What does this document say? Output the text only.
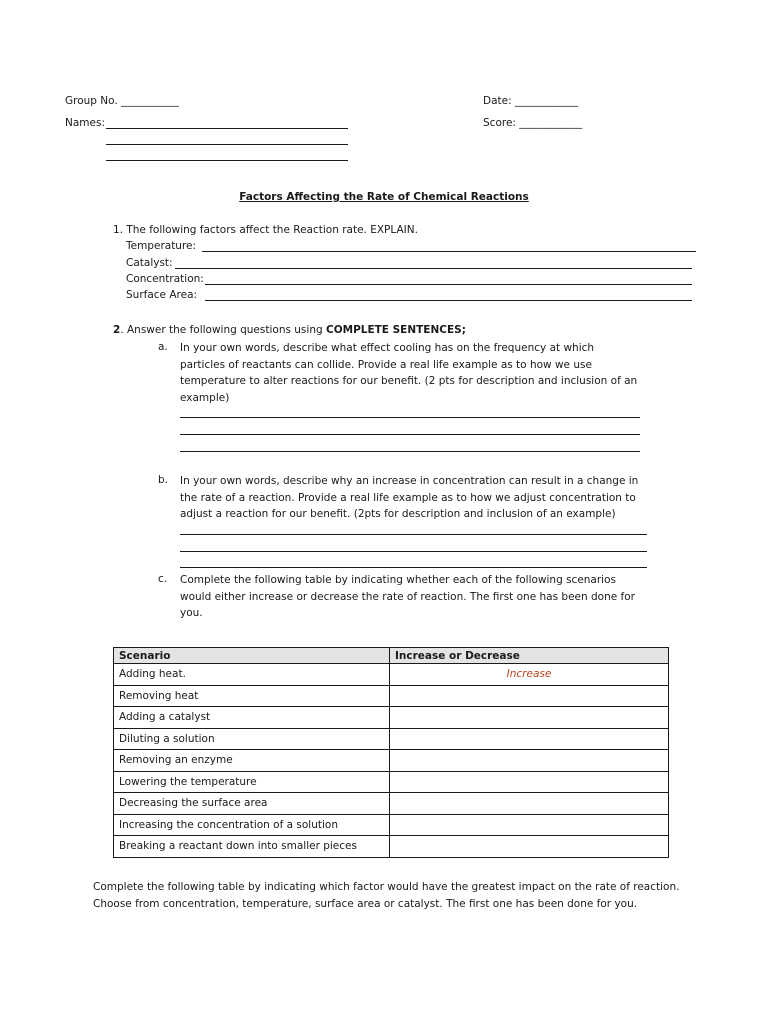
Group No. ___________	Date: ____________
Names:	Score: ____________
Factors Affecting the Rate of Chemical Reactions
1. The following factors affect the Reaction rate. EXPLAIN.
Temperature:
Catalyst:
Concentration:
Surface Area:
2. Answer the following questions using COMPLETE SENTENCES;
a. In your own words, describe what effect cooling has on the frequency at which particles of reactants can collide. Provide a real life example as to how we use temperature to alter reactions for our benefit. (2 pts for description and inclusion of an example)
b. In your own words, describe why an increase in concentration can result in a change in the rate of a reaction. Provide a real life example as to how we adjust concentration to adjust a reaction for our benefit. (2pts for description and inclusion of an example)
c. Complete the following table by indicating whether each of the following scenarios would either increase or decrease the rate of reaction. The first one has been done for you.
Scenario	Increase or Decrease
Adding heat.	Increase
Removing heat	
Adding a catalyst	
Diluting a solution	
Removing an enzyme	
Lowering the temperature	
Decreasing the surface area	
Increasing the concentration of a solution	
Breaking a reactant down into smaller pieces	
Complete the following table by indicating which factor would have the greatest impact on the rate of reaction. Choose from concentration, temperature, surface area or catalyst. The first one has been done for you.
